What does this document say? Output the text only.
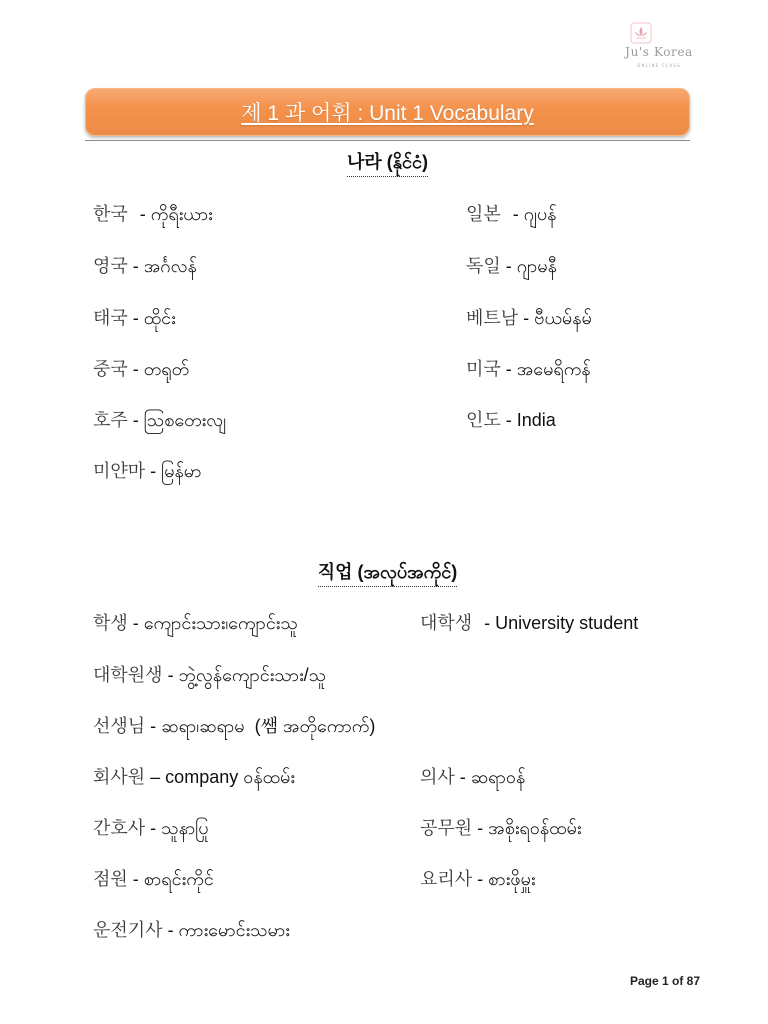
Ju's Korea
ONLINE CLASS
제 1 과 어휘 : Unit 1 Vocabulary
나라 (နိုင်ငံ)
한국 - ကိုရီးယား	일본 - ဂျပန်
영국 - အင်္ဂလန်	독일 - ဂျာမနီ
태국 - ထိုင်း	베트남 - ဗီယမ်နမ်
중국 - တရုတ်	미국 - အမေရိကန်
호주 - သြစတေးလျ	인도 - India
미얀마 - မြန်မာ
직업 (အလုပ်အကိုင်)
학생 - ကျောင်းသား၊ကျောင်းသူ	대학생 - University student
대학원생 - ဘွဲ့လွန်ကျောင်းသား/သူ
선생님 - ဆရာ၊ဆရာမ  (쌤 အတိုကောက်)
회사원 – company ဝန်ထမ်း	의사 - ဆရာဝန်
간호사 - သူနာပြု	공무원 - အစိုးရဝန်ထမ်း
점원 - စာရင်းကိုင်	요리사 - စားဖိုမှူး
운전기사 - ကားမောင်းသမား
Page 1 of 87
